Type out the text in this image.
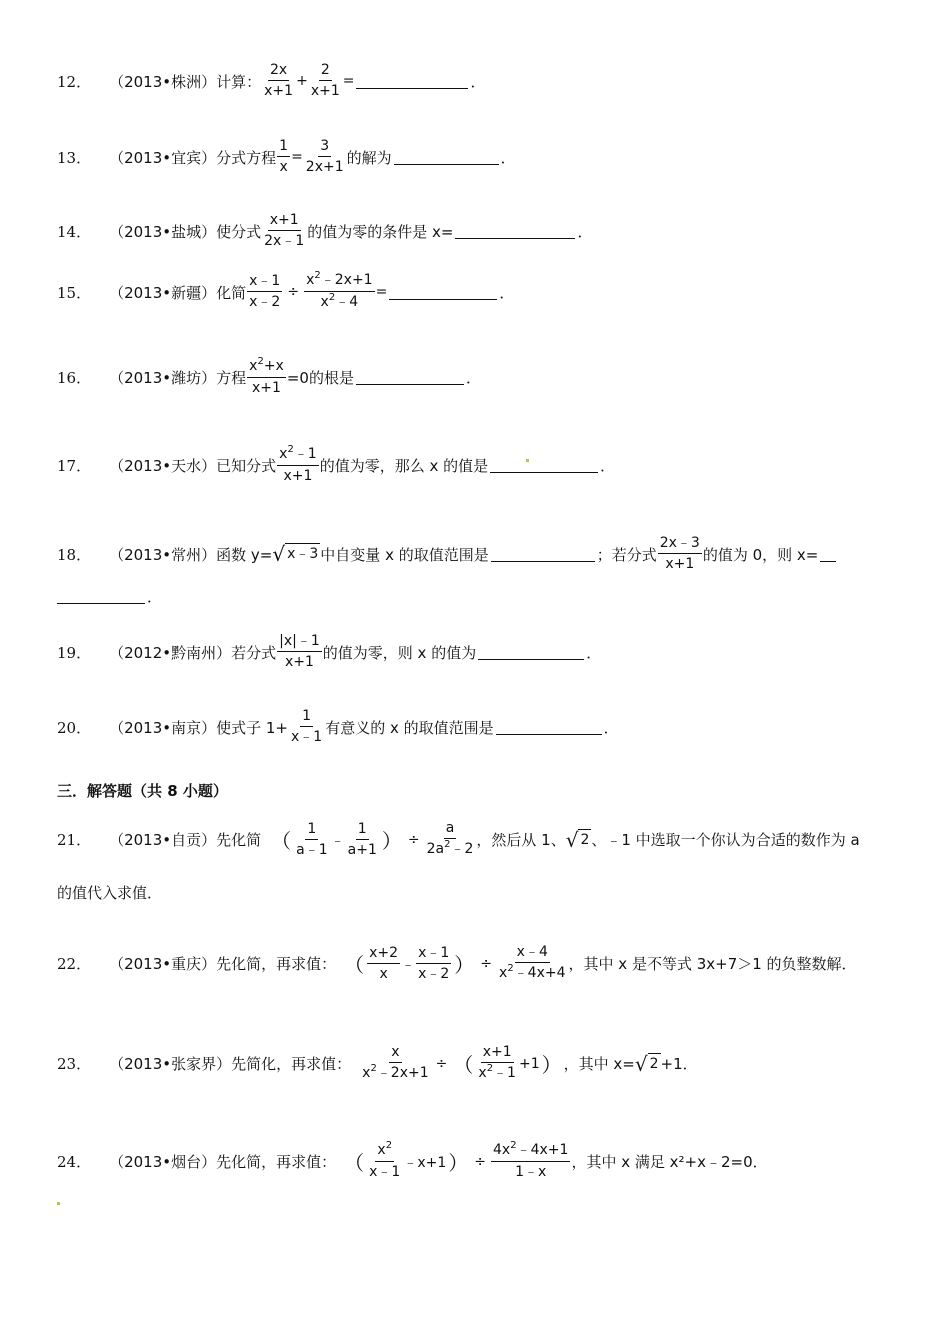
12． （2013•株洲） 计算： $\frac{2x}{x+1} + \frac{2}{x+1}$ =	．
13． （2013•宜宾） 分式方程 $\frac{1}{x} = \frac{3}{2x+1}$ 的解为	．
14． （2013•盐城） 使分式 $\frac{x+1}{2x﹣1}$ 的值为零的条件是 x=	．
15． （2013•新疆） 化简 $\frac{x﹣1}{x﹣2} \div \frac{x^2﹣2x+1}{x^2﹣4}$ =	．
16． （2013•潍坊） 方程 $\frac{x^2+x}{x+1} =0$的根是	．
17． （2013•天水） 已知分式 $\frac{x^2﹣1}{x+1}$ 的值为零，那么 x 的值是	．
18． （2013•常州） 函数 y= √ x﹣3 中自变量 x 的取值范围是	；若分式 $\frac{2x﹣3}{x+1}$ 的值为 0，则 x=
．
19． （2012•黔南州） 若分式 $\frac{|x|﹣1}{x+1}$ 的值为零，则 x 的值为	．
20． （2013•南京） 使式子 $1+ \frac{1}{x﹣1}$ 有意义的 x 的取值范围是	．
三．解答题（共 8 小题）
21． （2013•自贡） 先化简 （ $\frac{1}{a﹣1}$ ﹣ $\frac{1}{a+1}$ ） ÷ $\frac{a}{2a^2﹣2}$ ，然后从 1、 √ 2 、﹣1 中选取一个你认为合适的数作为 a
的值代入求值．
22． （2013•重庆） 先化简，再求值： （ $\frac{x+2}{x}$ ﹣ $\frac{x﹣1}{x﹣2}$ ） ÷ $\frac{x﹣4}{x^2﹣4x+4}$ ，其中 x 是不等式 3x+7＞1 的负整数解．
23． （2013•张家界） 先简化，再求值： $\frac{x}{x^2﹣2x+1}$ ÷ （ $\frac{x+1}{x^2﹣1} +1$ ） ，其中 x= √ 2 +1．
24． （2013•烟台） 先化简，再求值： （ $\frac{x^2}{x﹣1}$ ﹣x+1 ） ÷ $\frac{4x^2﹣4x+1}{1﹣x}$ ，其中 x 满足 x²+x﹣2=0．
